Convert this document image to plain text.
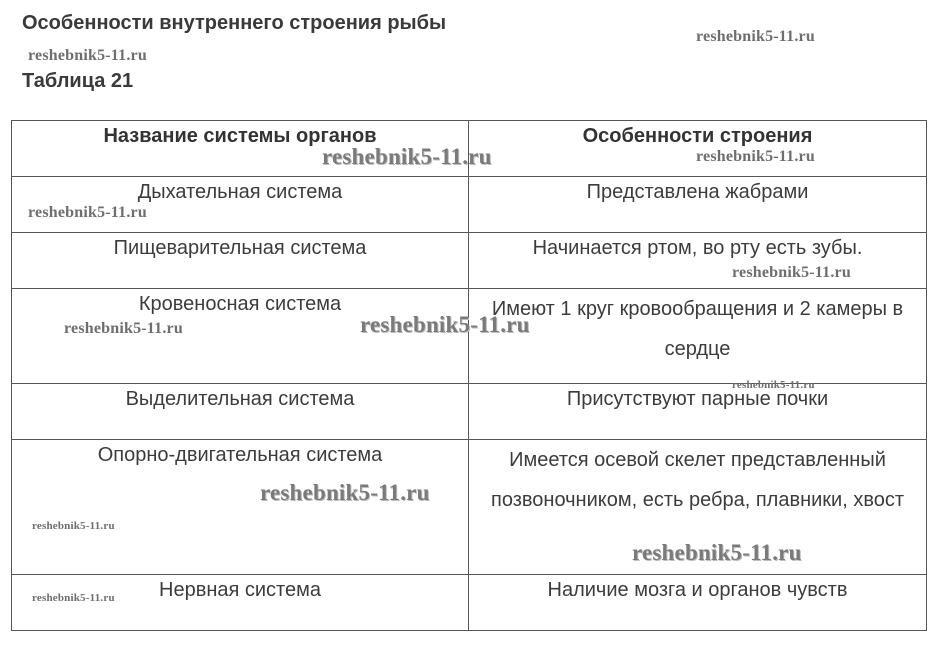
Особенности внутреннего строения рыбы
Таблица 21
Название системы органов	Особенности строения
Дыхательная система	Представлена жабрами
Пищеварительная система	Начинается ртом, во рту есть зубы.
Кровеносная система	Имеют 1 круг кровообращения и 2 камеры в сердце
Выделительная система	Присутствуют парные почки
Опорно-двигательная система	Имеется осевой скелет представленный позвоночником, есть ребра, плавники, хвост
Нервная система	Наличие мозга и органов чувств
reshebnik5-11.ru
reshebnik5-11.ru
reshebnik5-11.ru	reshebnik5-11.ru
reshebnik5-11.ru
reshebnik5-11.ru
reshebnik5-11.ru	reshebnik5-11.ru
reshebnik5-11.ru
reshebnik5-11.ru
reshebnik5-11.ru
reshebnik5-11.ru
reshebnik5-11.ru
